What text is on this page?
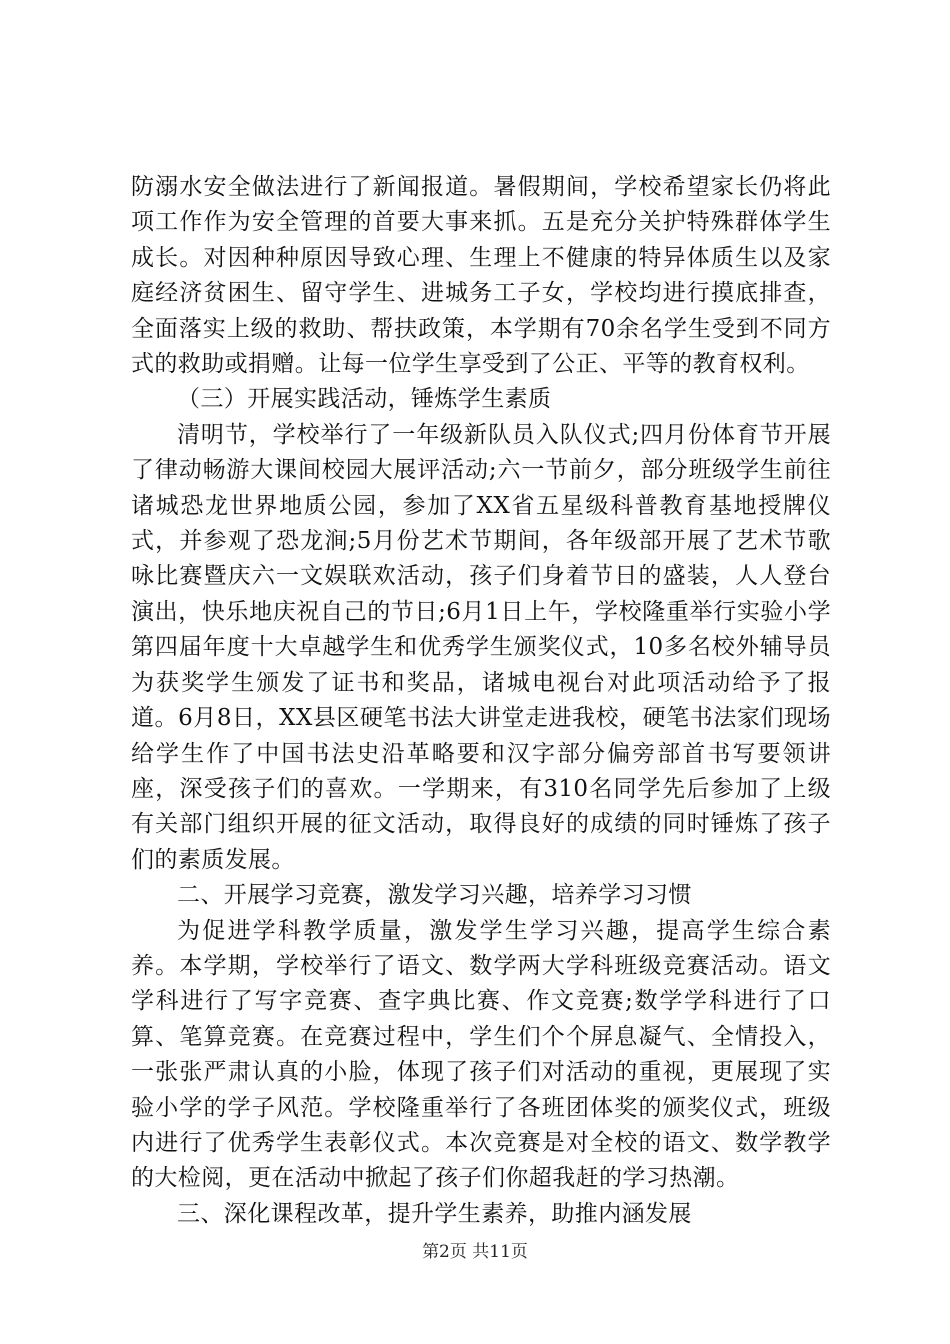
防溺水安全做法进行了新闻报道。暑假期间，学校希望家长仍将此项工作作为安全管理的首要大事来抓。五是充分关护特殊群体学生成长。对因种种原因导致心理、生理上不健康的特异体质生以及家庭经济贫困生、留守学生、进城务工子女，学校均进行摸底排查，全面落实上级的救助、帮扶政策，本学期有70余名学生受到不同方式的救助或捐赠。让每一位学生享受到了公正、平等的教育权利。

（三）开展实践活动，锤炼学生素质

清明节，学校举行了一年级新队员入队仪式;四月份体育节开展了律动畅游大课间校园大展评活动;六一节前夕，部分班级学生前往诸城恐龙世界地质公园，参加了XX省五星级科普教育基地授牌仪式，并参观了恐龙涧;5月份艺术节期间，各年级部开展了艺术节歌咏比赛暨庆六一文娱联欢活动，孩子们身着节日的盛装，人人登台演出，快乐地庆祝自己的节日;6月1日上午，学校隆重举行实验小学第四届年度十大卓越学生和优秀学生颁奖仪式，10多名校外辅导员为获奖学生颁发了证书和奖品，诸城电视台对此项活动给予了报道。6月8日，XX县区硬笔书法大讲堂走进我校，硬笔书法家们现场给学生作了中国书法史沿革略要和汉字部分偏旁部首书写要领讲座，深受孩子们的喜欢。一学期来，有310名同学先后参加了上级有关部门组织开展的征文活动，取得良好的成绩的同时锤炼了孩子们的素质发展。

二、开展学习竞赛，激发学习兴趣，培养学习习惯

为促进学科教学质量，激发学生学习兴趣，提高学生综合素养。本学期，学校举行了语文、数学两大学科班级竞赛活动。语文学科进行了写字竞赛、查字典比赛、作文竞赛;数学学科进行了口算、笔算竞赛。在竞赛过程中，学生们个个屏息凝气、全情投入，一张张严肃认真的小脸，体现了孩子们对活动的重视，更展现了实验小学的学子风范。学校隆重举行了各班团体奖的颁奖仪式，班级内进行了优秀学生表彰仪式。本次竞赛是对全校的语文、数学教学的大检阅，更在活动中掀起了孩子们你超我赶的学习热潮。

三、深化课程改革，提升学生素养，助推内涵发展

第2页 共11页
